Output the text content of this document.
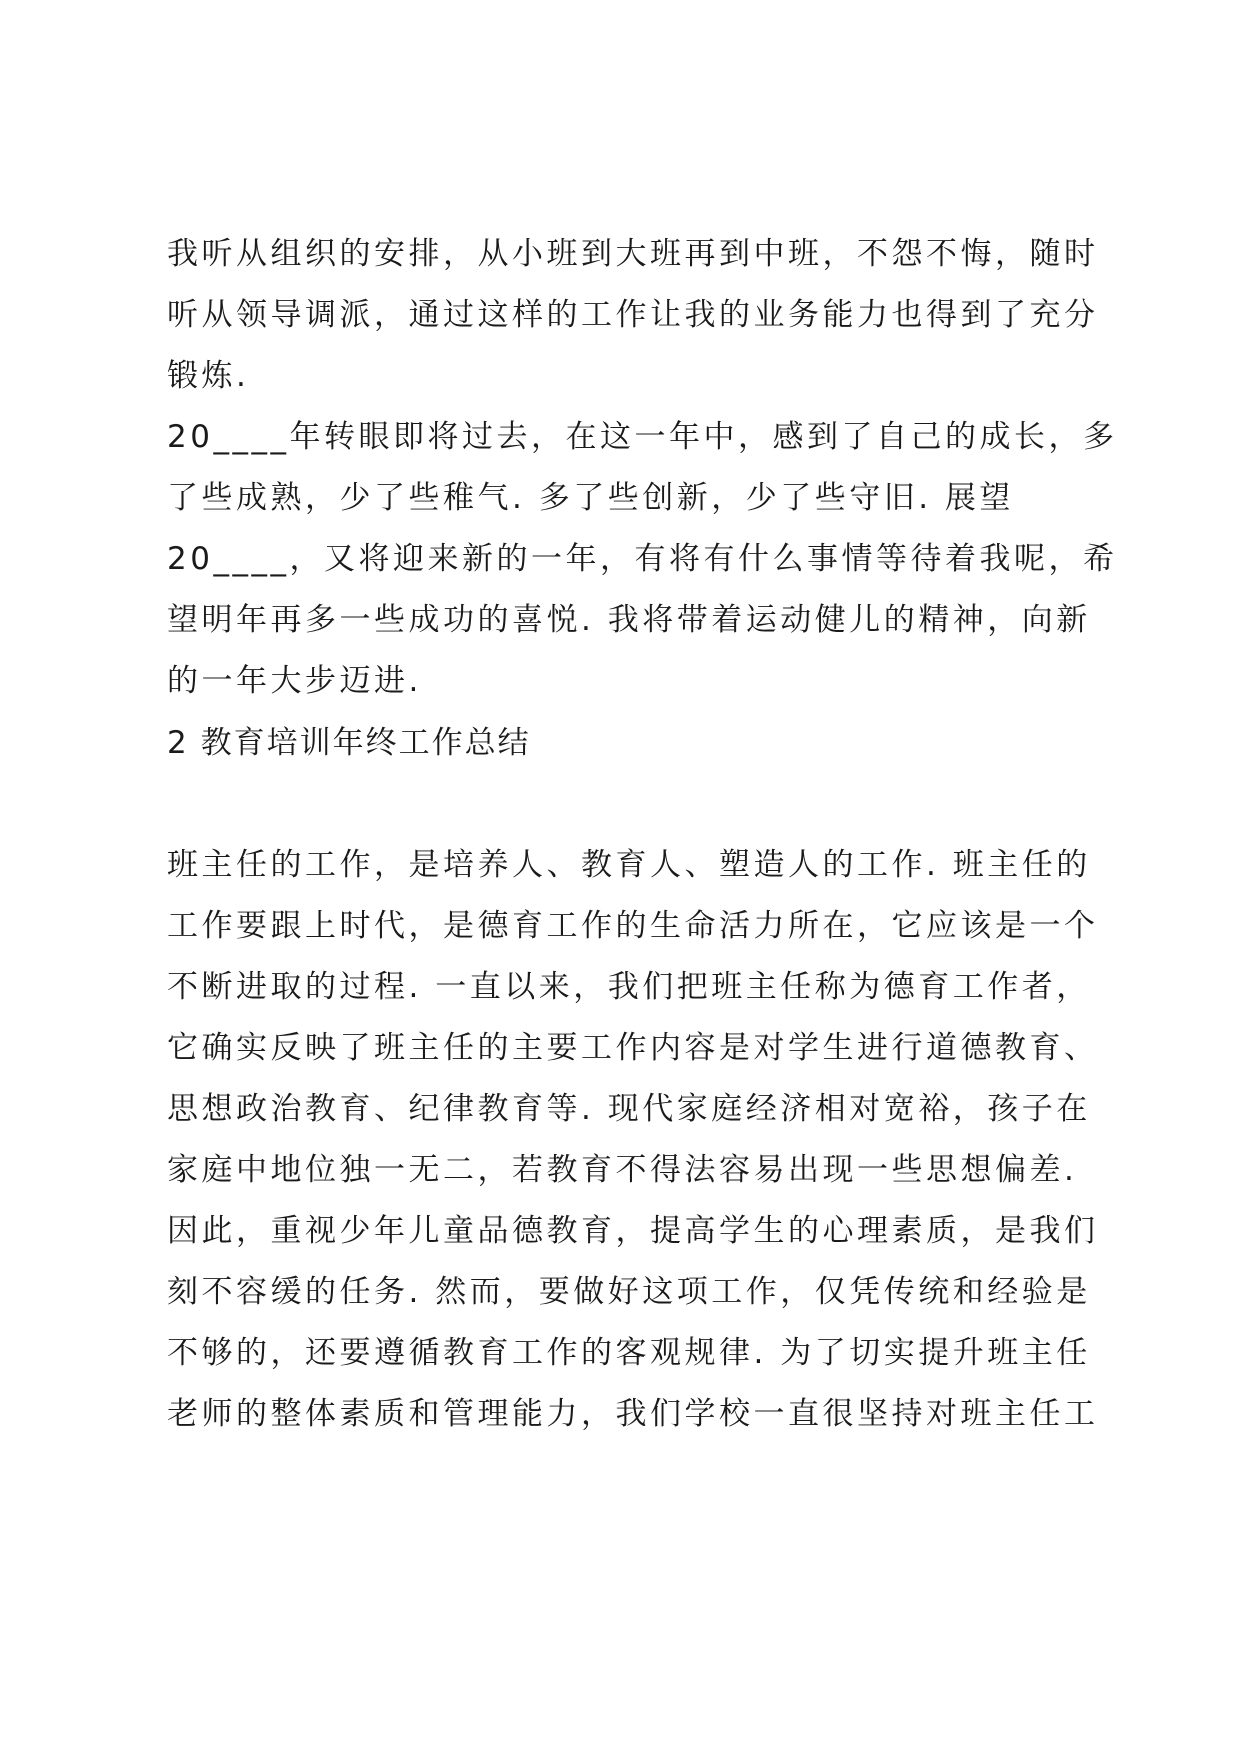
我听从组织的安排，从小班到大班再到中班，不怨不悔，随时
听从领导调派，通过这样的工作让我的业务能力也得到了充分
锻炼.
20____年转眼即将过去，在这一年中，感到了自己的成长，多
了些成熟，少了些稚气. 多了些创新，少了些守旧. 展望
20____，又将迎来新的一年，有将有什么事情等待着我呢，希
望明年再多一些成功的喜悦. 我将带着运动健儿的精神，向新
的一年大步迈进.
2 教育培训年终工作总结
班主任的工作，是培养人、教育人、塑造人的工作. 班主任的
工作要跟上时代，是德育工作的生命活力所在，它应该是一个
不断进取的过程. 一直以来，我们把班主任称为德育工作者，
它确实反映了班主任的主要工作内容是对学生进行道德教育、
思想政治教育、纪律教育等. 现代家庭经济相对宽裕，孩子在
家庭中地位独一无二，若教育不得法容易出现一些思想偏差.
因此，重视少年儿童品德教育，提高学生的心理素质，是我们
刻不容缓的任务. 然而，要做好这项工作，仅凭传统和经验是
不够的，还要遵循教育工作的客观规律. 为了切实提升班主任
老师的整体素质和管理能力，我们学校一直很坚持对班主任工
